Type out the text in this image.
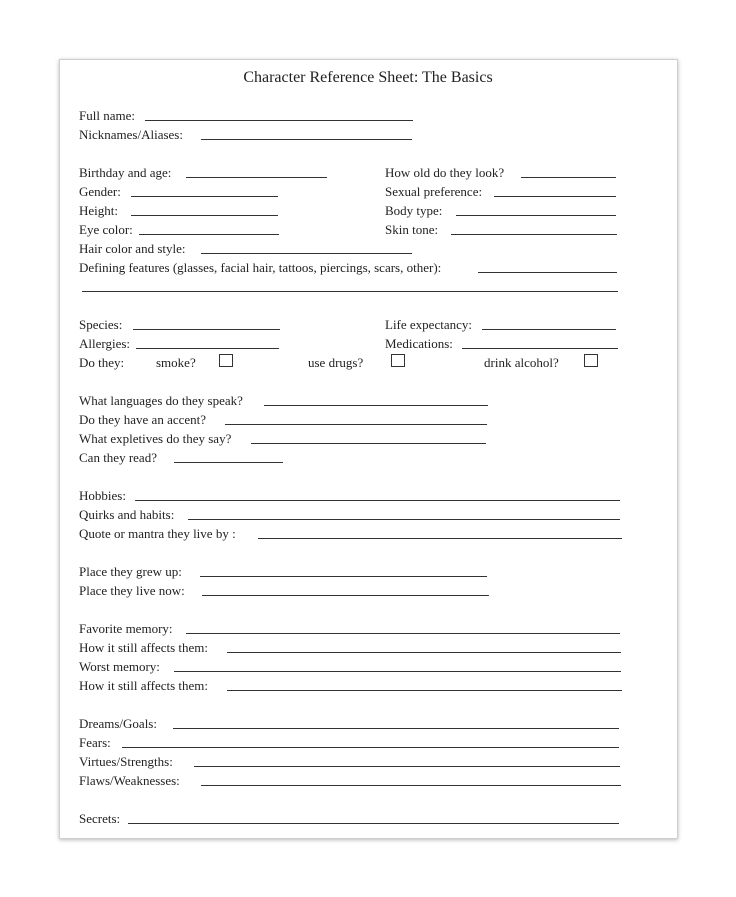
Character Reference Sheet: The Basics
Full name:
Nicknames/Aliases:
Birthday and age:
Gender:
Height:
Eye color:
Hair color and style:
Defining features (glasses, facial hair, tattoos, piercings, scars, other):
How old do they look?
Sexual preference:
Body type:
Skin tone:
Species:
Allergies:
Life expectancy:
Medications:
Do they: smoke?	use drugs?	drink alcohol?
What languages do they speak?
Do they have an accent?
What expletives do they say?
Can they read?
Hobbies:
Quirks and habits:
Quote or mantra they live by :
Place they grew up:
Place they live now:
Favorite memory:
How it still affects them:
Worst memory:
How it still affects them:
Dreams/Goals:
Fears:
Virtues/Strengths:
Flaws/Weaknesses:
Secrets:
